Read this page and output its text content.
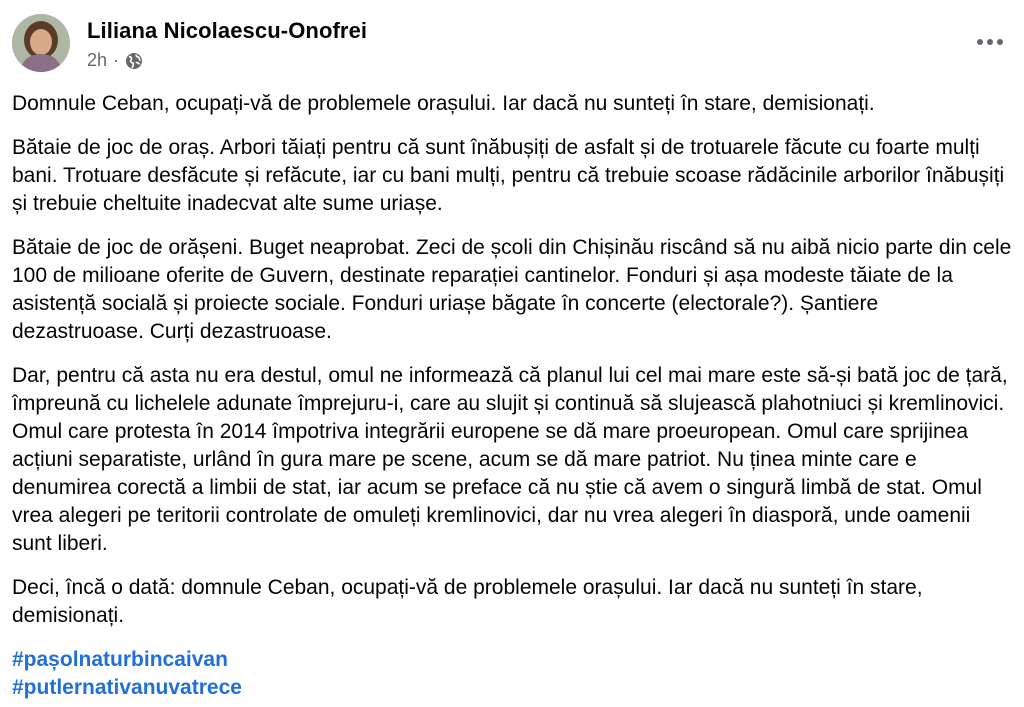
Liliana Nicolaescu-Onofrei
2h ·

Domnule Ceban, ocupați-vă de problemele orașului. Iar dacă nu sunteți în stare, demisionați.

Bătaie de joc de oraș. Arbori tăiați pentru că sunt înăbușiți de asfalt și de trotuarele făcute cu foarte mulți bani. Trotuare desfăcute și refăcute, iar cu bani mulți, pentru că trebuie scoase rădăcinile arborilor înăbușiți și trebuie cheltuite inadecvat alte sume uriașe.

Bătaie de joc de orășeni. Buget neaprobat. Zeci de școli din Chișinău riscând să nu aibă nicio parte din cele 100 de milioane oferite de Guvern, destinate reparației cantinelor. Fonduri și așa modeste tăiate de la asistență socială și proiecte sociale. Fonduri uriașe băgate în concerte (electorale?). Șantiere dezastruoase. Curți dezastruoase.

Dar, pentru că asta nu era destul, omul ne informează că planul lui cel mai mare este să-și bată joc de țară, împreună cu lichelele adunate împrejuru-i, care au slujit și continuă să slujească plahotniuci și kremlinovici. Omul care protesta în 2014 împotriva integrării europene se dă mare proeuropean. Omul care sprijinea acțiuni separatiste, urlând în gura mare pe scene, acum se dă mare patriot. Nu ținea minte care e denumirea corectă a limbii de stat, iar acum se preface că nu știe că avem o singură limbă de stat. Omul vrea alegeri pe teritorii controlate de omuleți kremlinovici, dar nu vrea alegeri în diasporă, unde oamenii sunt liberi.

Deci, încă o dată: domnule Ceban, ocupați-vă de problemele orașului. Iar dacă nu sunteți în stare, demisionați.

#pașolnaturbincaivan
#putlernativanuvatrece
